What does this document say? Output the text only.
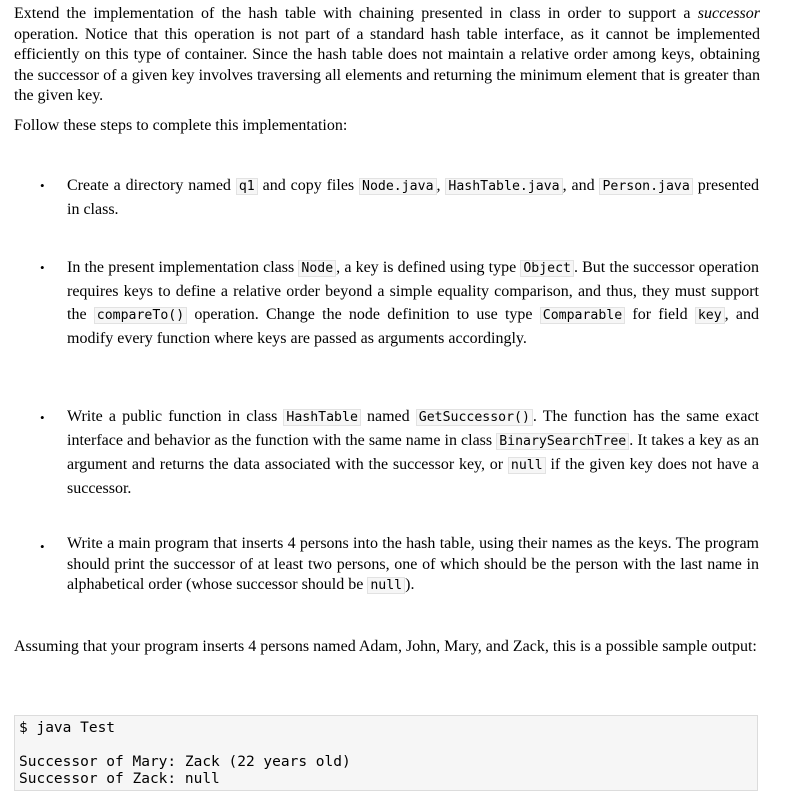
Extend the implementation of the hash table with chaining presented in class in order to support a successor operation. Notice that this operation is not part of a standard hash table interface, as it cannot be implemented efficiently on this type of container. Since the hash table does not maintain a relative order among keys, obtaining the successor of a given key involves traversing all elements and returning the minimum element that is greater than the given key.

Follow these steps to complete this implementation:

• Create a directory named q1 and copy files Node.java , HashTable.java , and Person.java presented in class.

• In the present implementation class Node , a key is defined using type Object . But the successor operation requires keys to define a relative order beyond a simple equality comparison, and thus, they must support the compareTo() operation. Change the node definition to use type Comparable for field key , and modify every function where keys are passed as arguments accordingly.

• Write a public function in class HashTable named GetSuccessor() . The function has the same exact interface and behavior as the function with the same name in class BinarySearchTree . It takes a key as an argument and returns the data associated with the successor key, or null if the given key does not have a successor.

• Write a main program that inserts 4 persons into the hash table, using their names as the keys. The program should print the successor of at least two persons, one of which should be the person with the last name in alphabetical order (whose successor should be null ).

Assuming that your program inserts 4 persons named Adam, John, Mary, and Zack, this is a possible sample output:

$ java Test
Successor of Mary: Zack (22 years old)
Successor of Zack: null
